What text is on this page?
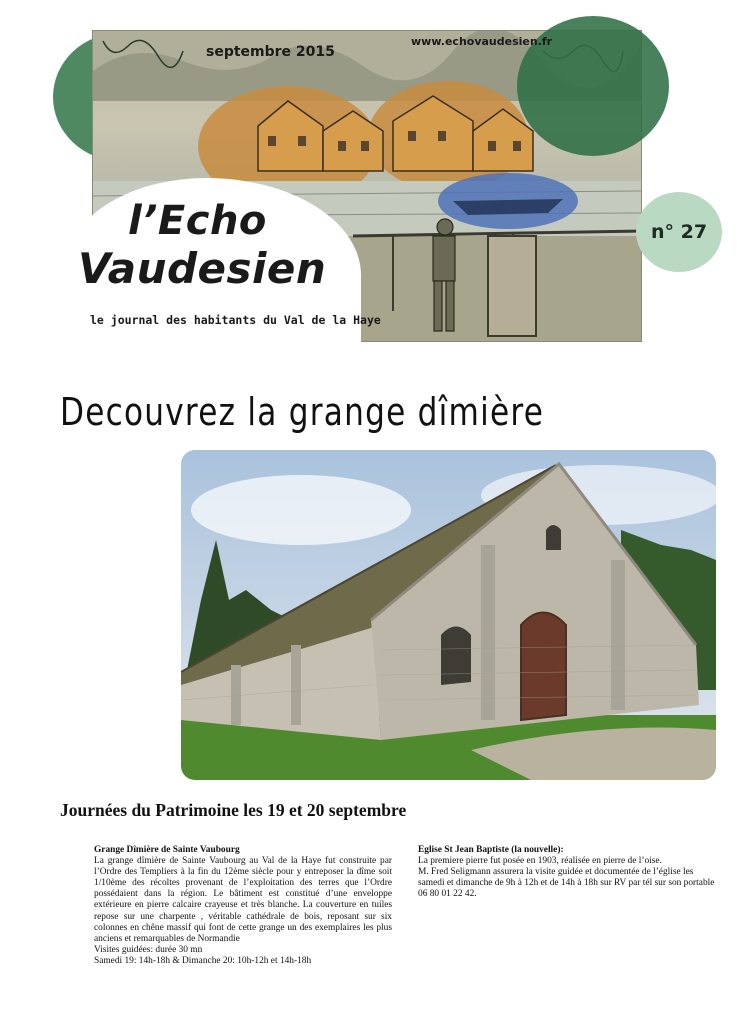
septembre 2015
www.echovaudesien.fr
l’Echo
Vaudesien
le journal des habitants du Val de la Haye
n° 27
Decouvrez la grange dîmière
Journées du Patrimoine les 19 et 20 septembre
Grange Dîmière de Sainte Vaubourg

La grange dîmière de Sainte Vaubourg au Val de la Haye fut construite par l’Ordre des Templiers à la fin du 12ème siècle pour y entreposer la dîme soit 1/10ème des récoltes provenant de l’exploitation des terres que l’Ordre possédaient dans la région. Le bâtiment est constitué d’une enveloppe extérieure en pierre calcaire crayeuse et très blanche. La couverture en tuiles repose sur une charpente , véritable cathédrale de bois, reposant sur six colonnes en chêne massif qui font de cette grange un des exemplaires les plus anciens et remarquables de Normandie

Visites guidées: durée 30 mn

Samedi 19: 14h-18h & Dimanche 20: 10h-12h et 14h-18h

Eglise St Jean Baptiste (la nouvelle):

La premiere pierre fut posée en 1903, réalisée en pierre de l’oise.

M. Fred Seligmann assurera la visite guidée et documentée de l’église les samedi et dimanche de 9h à 12h et de 14h à 18h sur RV par tél sur son portable 06 80 01 22 42.
